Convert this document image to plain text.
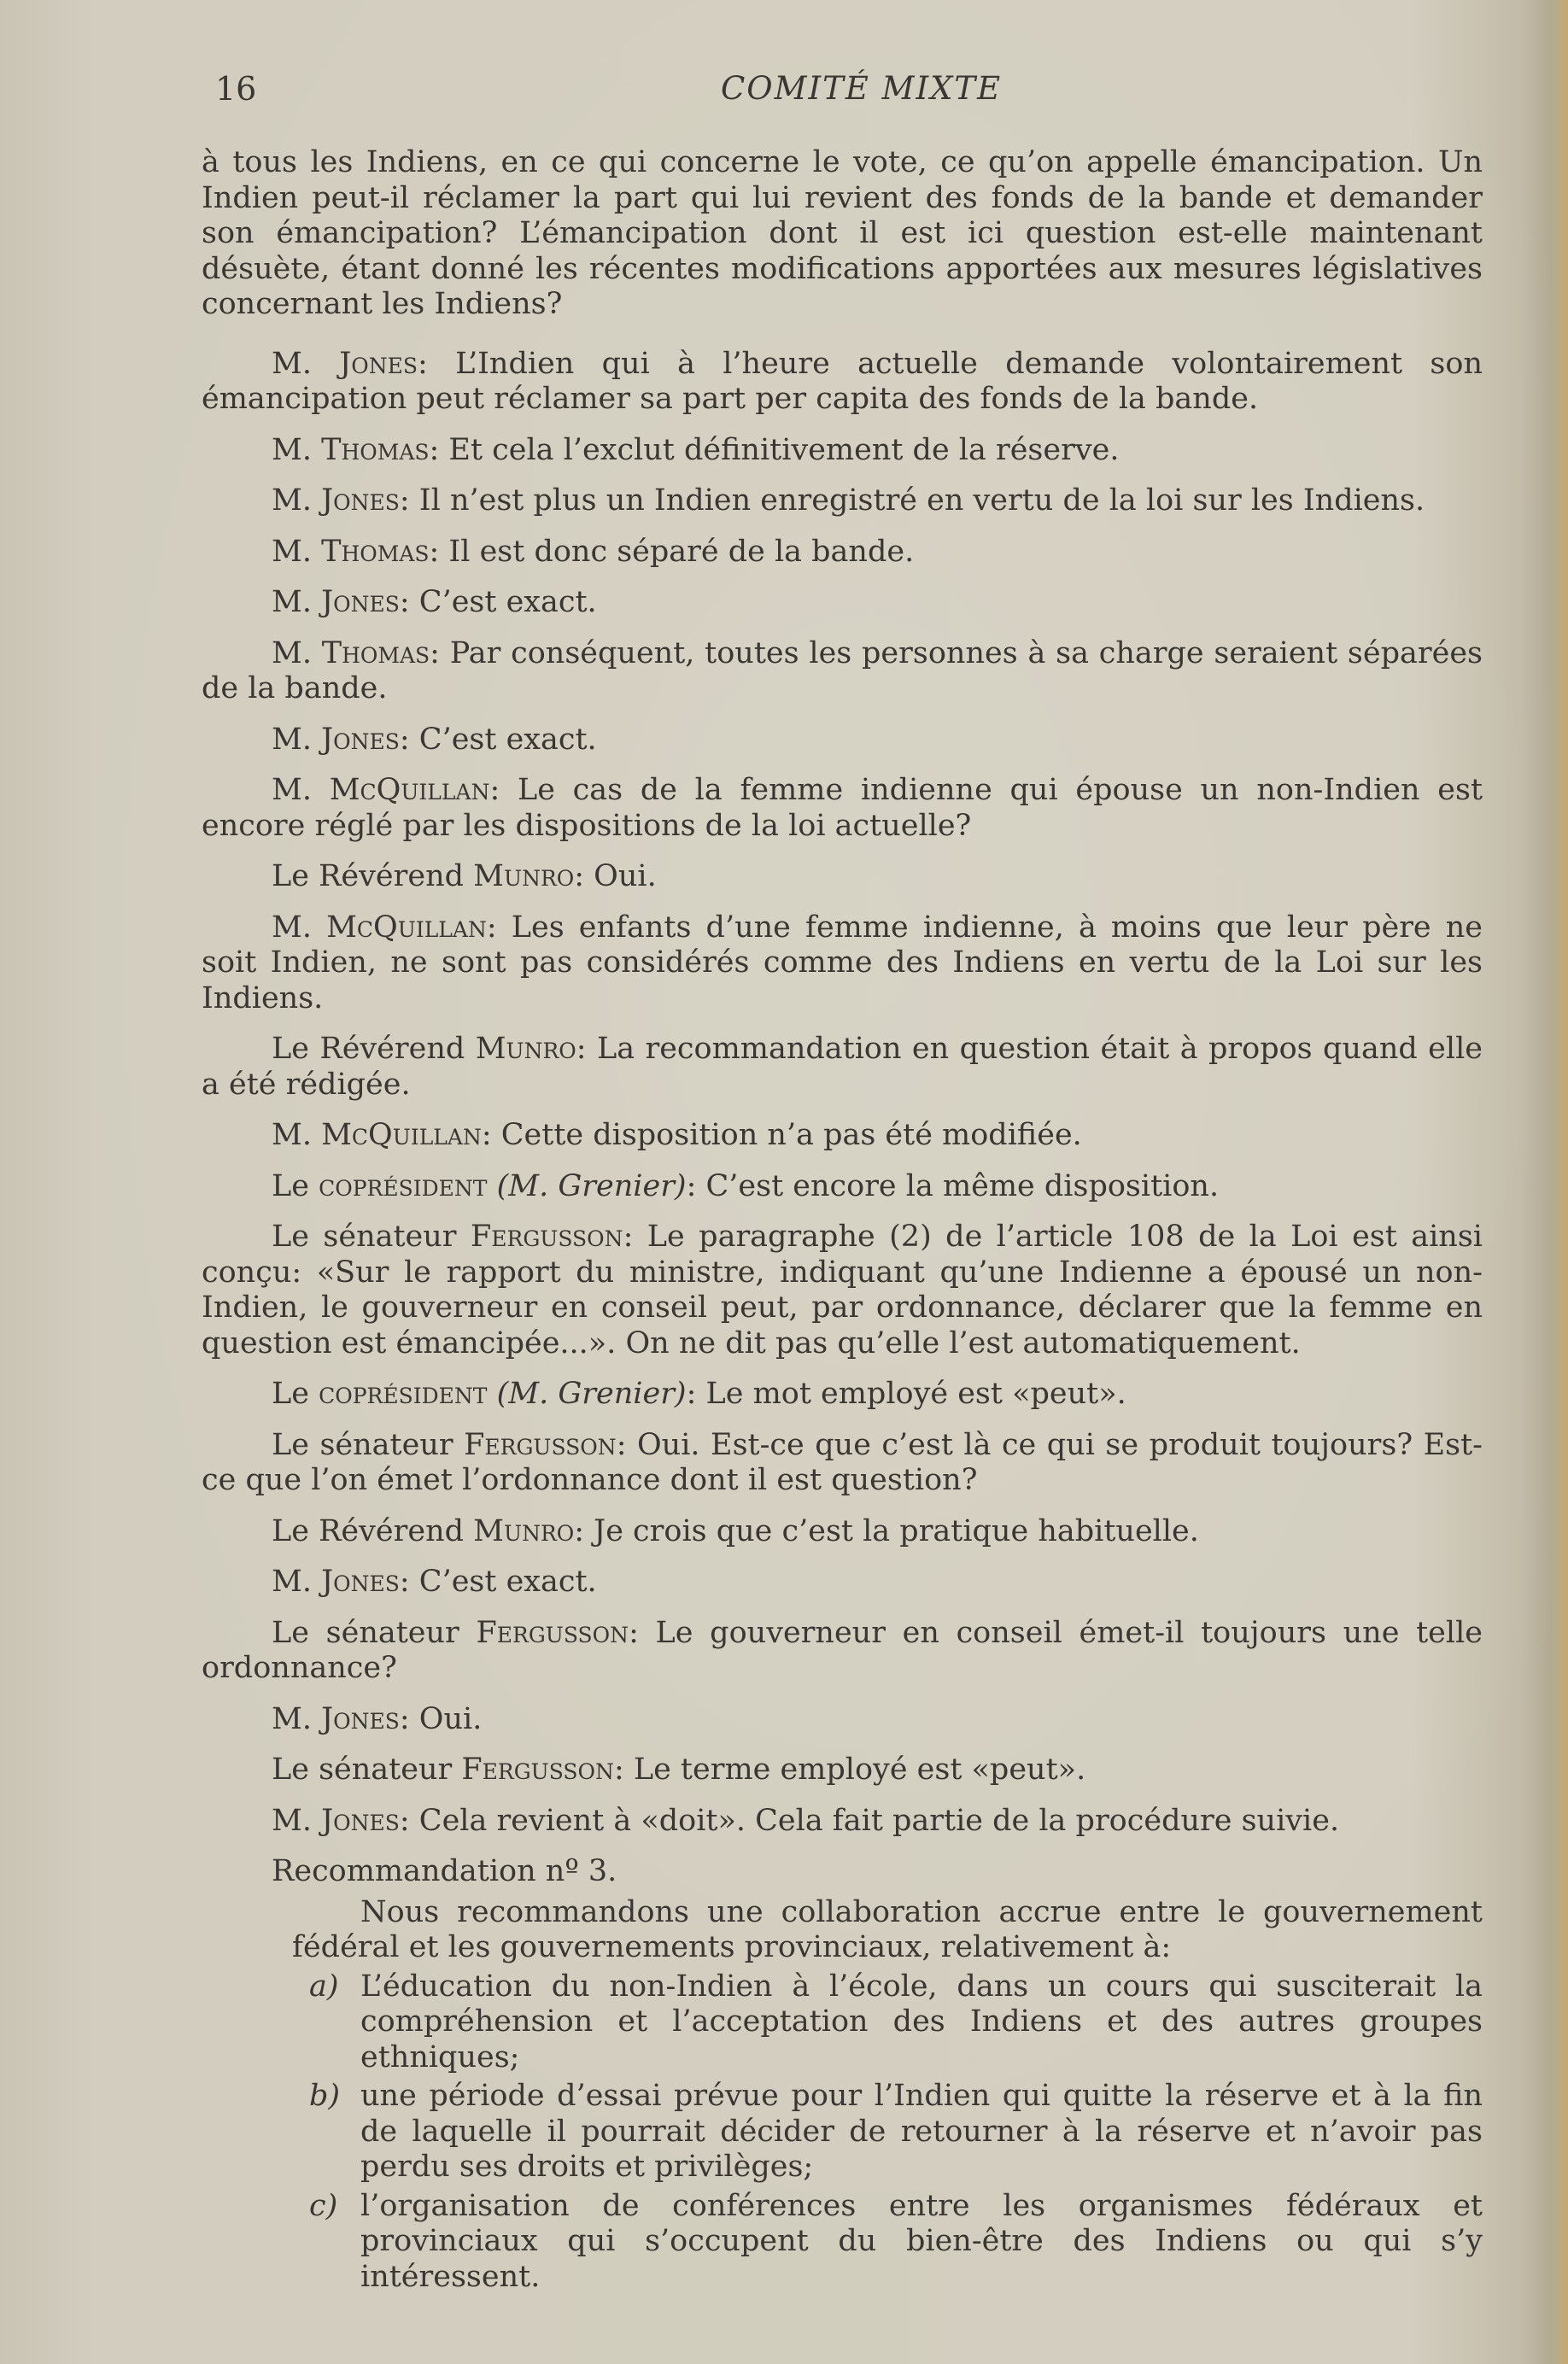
16	COMITÉ MIXTE

à tous les Indiens, en ce qui concerne le vote, ce qu’on appelle émancipation. Un Indien peut-il réclamer la part qui lui revient des fonds de la bande et demander son émancipation? L’émancipation dont il est ici question est-elle maintenant désuète, étant donné les récentes modifications apportées aux mesures législatives concernant les Indiens?

M. Jones: L’Indien qui à l’heure actuelle demande volontairement son émancipation peut réclamer sa part per capita des fonds de la bande.

M. Thomas: Et cela l’exclut définitivement de la réserve.

M. Jones: Il n’est plus un Indien enregistré en vertu de la loi sur les Indiens.

M. Thomas: Il est donc séparé de la bande.

M. Jones: C’est exact.

M. Thomas: Par conséquent, toutes les personnes à sa charge seraient séparées de la bande.

M. Jones: C’est exact.

M. McQuillan: Le cas de la femme indienne qui épouse un non-Indien est encore réglé par les dispositions de la loi actuelle?

Le Révérend Munro: Oui.

M. McQuillan: Les enfants d’une femme indienne, à moins que leur père ne soit Indien, ne sont pas considérés comme des Indiens en vertu de la Loi sur les Indiens.

Le Révérend Munro: La recommandation en question était à propos quand elle a été rédigée.

M. McQuillan: Cette disposition n’a pas été modifiée.

Le coprésident (M. Grenier): C’est encore la même disposition.

Le sénateur Fergusson: Le paragraphe (2) de l’article 108 de la Loi est ainsi conçu: «Sur le rapport du ministre, indiquant qu’une Indienne a épousé un non-Indien, le gouverneur en conseil peut, par ordonnance, déclarer que la femme en question est émancipée...». On ne dit pas qu’elle l’est automatiquement.

Le coprésident (M. Grenier): Le mot employé est «peut».

Le sénateur Fergusson: Oui. Est-ce que c’est là ce qui se produit toujours? Est-ce que l’on émet l’ordonnance dont il est question?

Le Révérend Munro: Je crois que c’est la pratique habituelle.

M. Jones: C’est exact.

Le sénateur Fergusson: Le gouverneur en conseil émet-il toujours une telle ordonnance?

M. Jones: Oui.

Le sénateur Fergusson: Le terme employé est «peut».

M. Jones: Cela revient à «doit». Cela fait partie de la procédure suivie.

Recommandation nº 3.

Nous recommandons une collaboration accrue entre le gouvernement fédéral et les gouvernements provinciaux, relativement à:

a) L’éducation du non-Indien à l’école, dans un cours qui susciterait la compréhension et l’acceptation des Indiens et des autres groupes ethniques;
b) une période d’essai prévue pour l’Indien qui quitte la réserve et à la fin de laquelle il pourrait décider de retourner à la réserve et n’avoir pas perdu ses droits et privilèges;
c) l’organisation de conférences entre les organismes fédéraux et provinciaux qui s’occupent du bien-être des Indiens ou qui s’y intéressent.
